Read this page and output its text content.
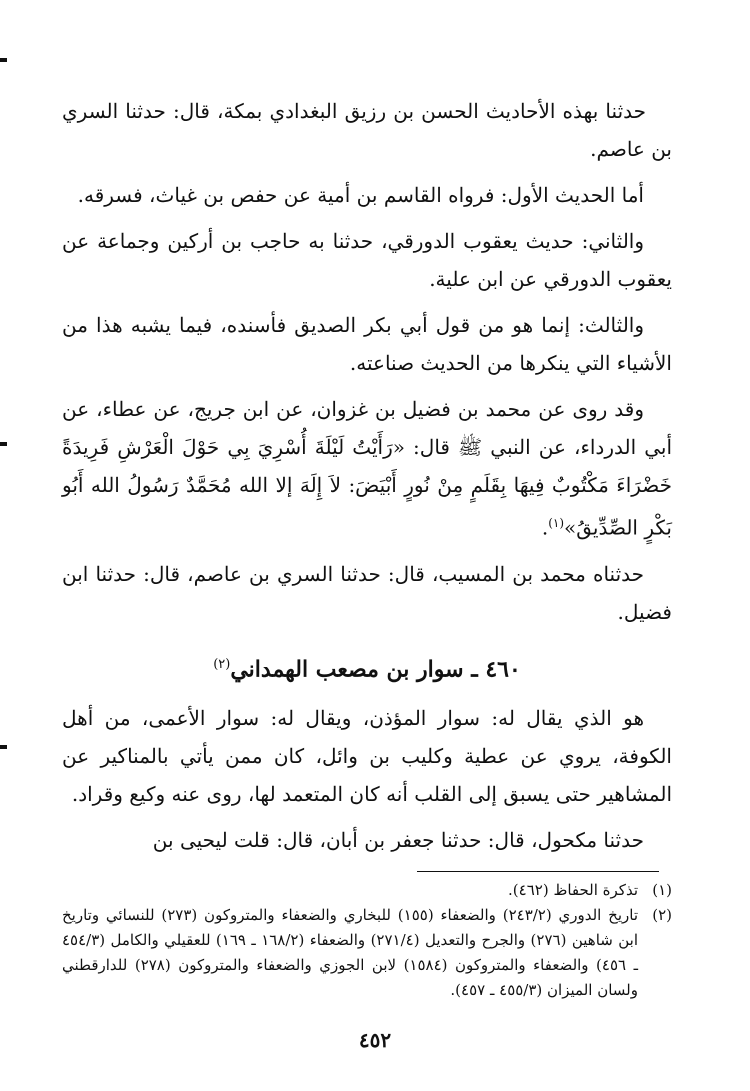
حدثنا بهذه الأحاديث الحسن بن رزيق البغدادي بمكة، قال: حدثنا السري بن عاصم.

أما الحديث الأول: فرواه القاسم بن أمية عن حفص بن غياث، فسرقه.

والثاني: حديث يعقوب الدورقي، حدثنا به حاجب بن أركين وجماعة عن يعقوب الدورقي عن ابن علية.

والثالث: إنما هو من قول أبي بكر الصديق فأسنده، فيما يشبه هذا من الأشياء التي ينكرها من الحديث صناعته.

وقد روى عن محمد بن فضيل بن غزوان، عن ابن جريج، عن عطاء، عن أبي الدرداء، عن النبي ﷺ قال: «رَأَيْتُ لَيْلَةَ أُسْرِيَ بِي حَوْلَ الْعَرْشِ فَرِيدَةً خَضْرَاءَ مَكْتُوبٌ فِيهَا بِقَلَمٍ مِنْ نُورٍ أَبْيَضَ: لاَ إِلَهَ إلا الله مُحَمَّدٌ رَسُولُ الله أَبُو بَكْرٍ الصِّدِّيقُ»$^{(١)}$.

حدثناه محمد بن المسيب، قال: حدثنا السري بن عاصم، قال: حدثنا ابن فضيل.

٤٦٠ ـ سوار بن مصعب الهمداني$^{(٢)}$

هو الذي يقال له: سوار المؤذن، ويقال له: سوار الأعمى، من أهل الكوفة، يروي عن عطية وكليب بن وائل، كان ممن يأتي بالمناكير عن المشاهير حتى يسبق إلى القلب أنه كان المتعمد لها، روى عنه وكيع وقراد.

حدثنا مكحول، قال: حدثنا جعفر بن أبان، قال: قلت ليحيى بن

(١)
تذكرة الحفاظ (٤٦٢).
(٢)
تاريخ الدوري (٢٤٣/٢) والضعفاء (١٥٥) للبخاري والضعفاء والمتروكون (٢٧٣) للنسائي وتاريخ ابن شاهين (٢٧٦) والجرح والتعديل (٢٧١/٤) والضعفاء (١٦٨/٢ ـ ١٦٩) للعقيلي والكامل (٤٥٤/٣ ـ ٤٥٦) والضعفاء والمتروكون (١٥٨٤) لابن الجوزي والضعفاء والمتروكون (٢٧٨) للدارقطني ولسان الميزان (٤٥٥/٣ ـ ٤٥٧).
٤٥٢
